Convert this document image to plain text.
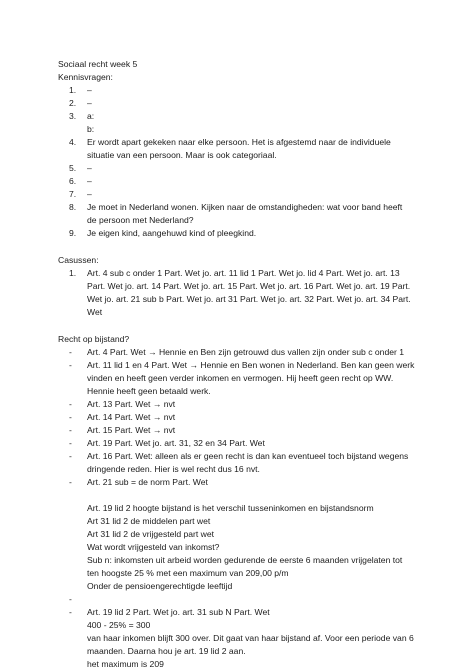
Sociaal recht week 5
Kennisvragen:
1. –
2. –
3. a:
b:
4. Er wordt apart gekeken naar elke persoon. Het is afgestemd naar de individuele
situatie van een persoon. Maar is ook categoriaal.
5. –
6. –
7. –
8. Je moet in Nederland wonen. Kijken naar de omstandigheden: wat voor band heeft
de persoon met Nederland?
9. Je eigen kind, aangehuwd kind of pleegkind.
Casussen:
1. Art. 4 sub c onder 1 Part. Wet jo. art. 11 lid 1 Part. Wet jo. lid 4 Part. Wet jo. art. 13
Part. Wet jo. art. 14 Part. Wet jo. art. 15 Part. Wet jo. art. 16 Part. Wet jo. art. 19 Part.
Wet jo. art. 21 sub b Part. Wet jo. art 31 Part. Wet jo. art. 32 Part. Wet jo. art. 34 Part.
Wet
Recht op bijstand?
- Art. 4 Part. Wet → Hennie en Ben zijn getrouwd dus vallen zijn onder sub c onder 1
- Art. 11 lid 1 en 4 Part. Wet → Hennie en Ben wonen in Nederland. Ben kan geen werk
vinden en heeft geen verder inkomen en vermogen. Hij heeft geen recht op WW.
Hennie heeft geen betaald werk.
- Art. 13 Part. Wet → nvt
- Art. 14 Part. Wet → nvt
- Art. 15 Part. Wet → nvt
- Art. 19 Part. Wet jo. art. 31, 32 en 34 Part. Wet
- Art. 16 Part. Wet: alleen als er geen recht is dan kan eventueel toch bijstand wegens
dringende reden. Hier is wel recht dus 16 nvt.
- Art. 21 sub = de norm Part. Wet
Art. 19 lid 2 hoogte bijstand is het verschil tusseninkomen en bijstandsnorm
Art 31 lid 2 de middelen part wet
Art 31 lid 2 de vrijgesteld part wet
Wat wordt vrijgesteld van inkomst?
Sub n: inkomsten uit arbeid worden gedurende de eerste 6 maanden vrijgelaten tot
ten hoogste 25 % met een maximum van 209,00 p/m
Onder de pensioengerechtigde leeftijd
-
- Art. 19 lid 2 Part. Wet jo. art. 31 sub N Part. Wet
400 - 25% = 300
van haar inkomen blijft 300 over. Dit gaat van haar bijstand af. Voor een periode van 6
maanden. Daarna hou je art. 19 lid 2 aan.
het maximum is 209
